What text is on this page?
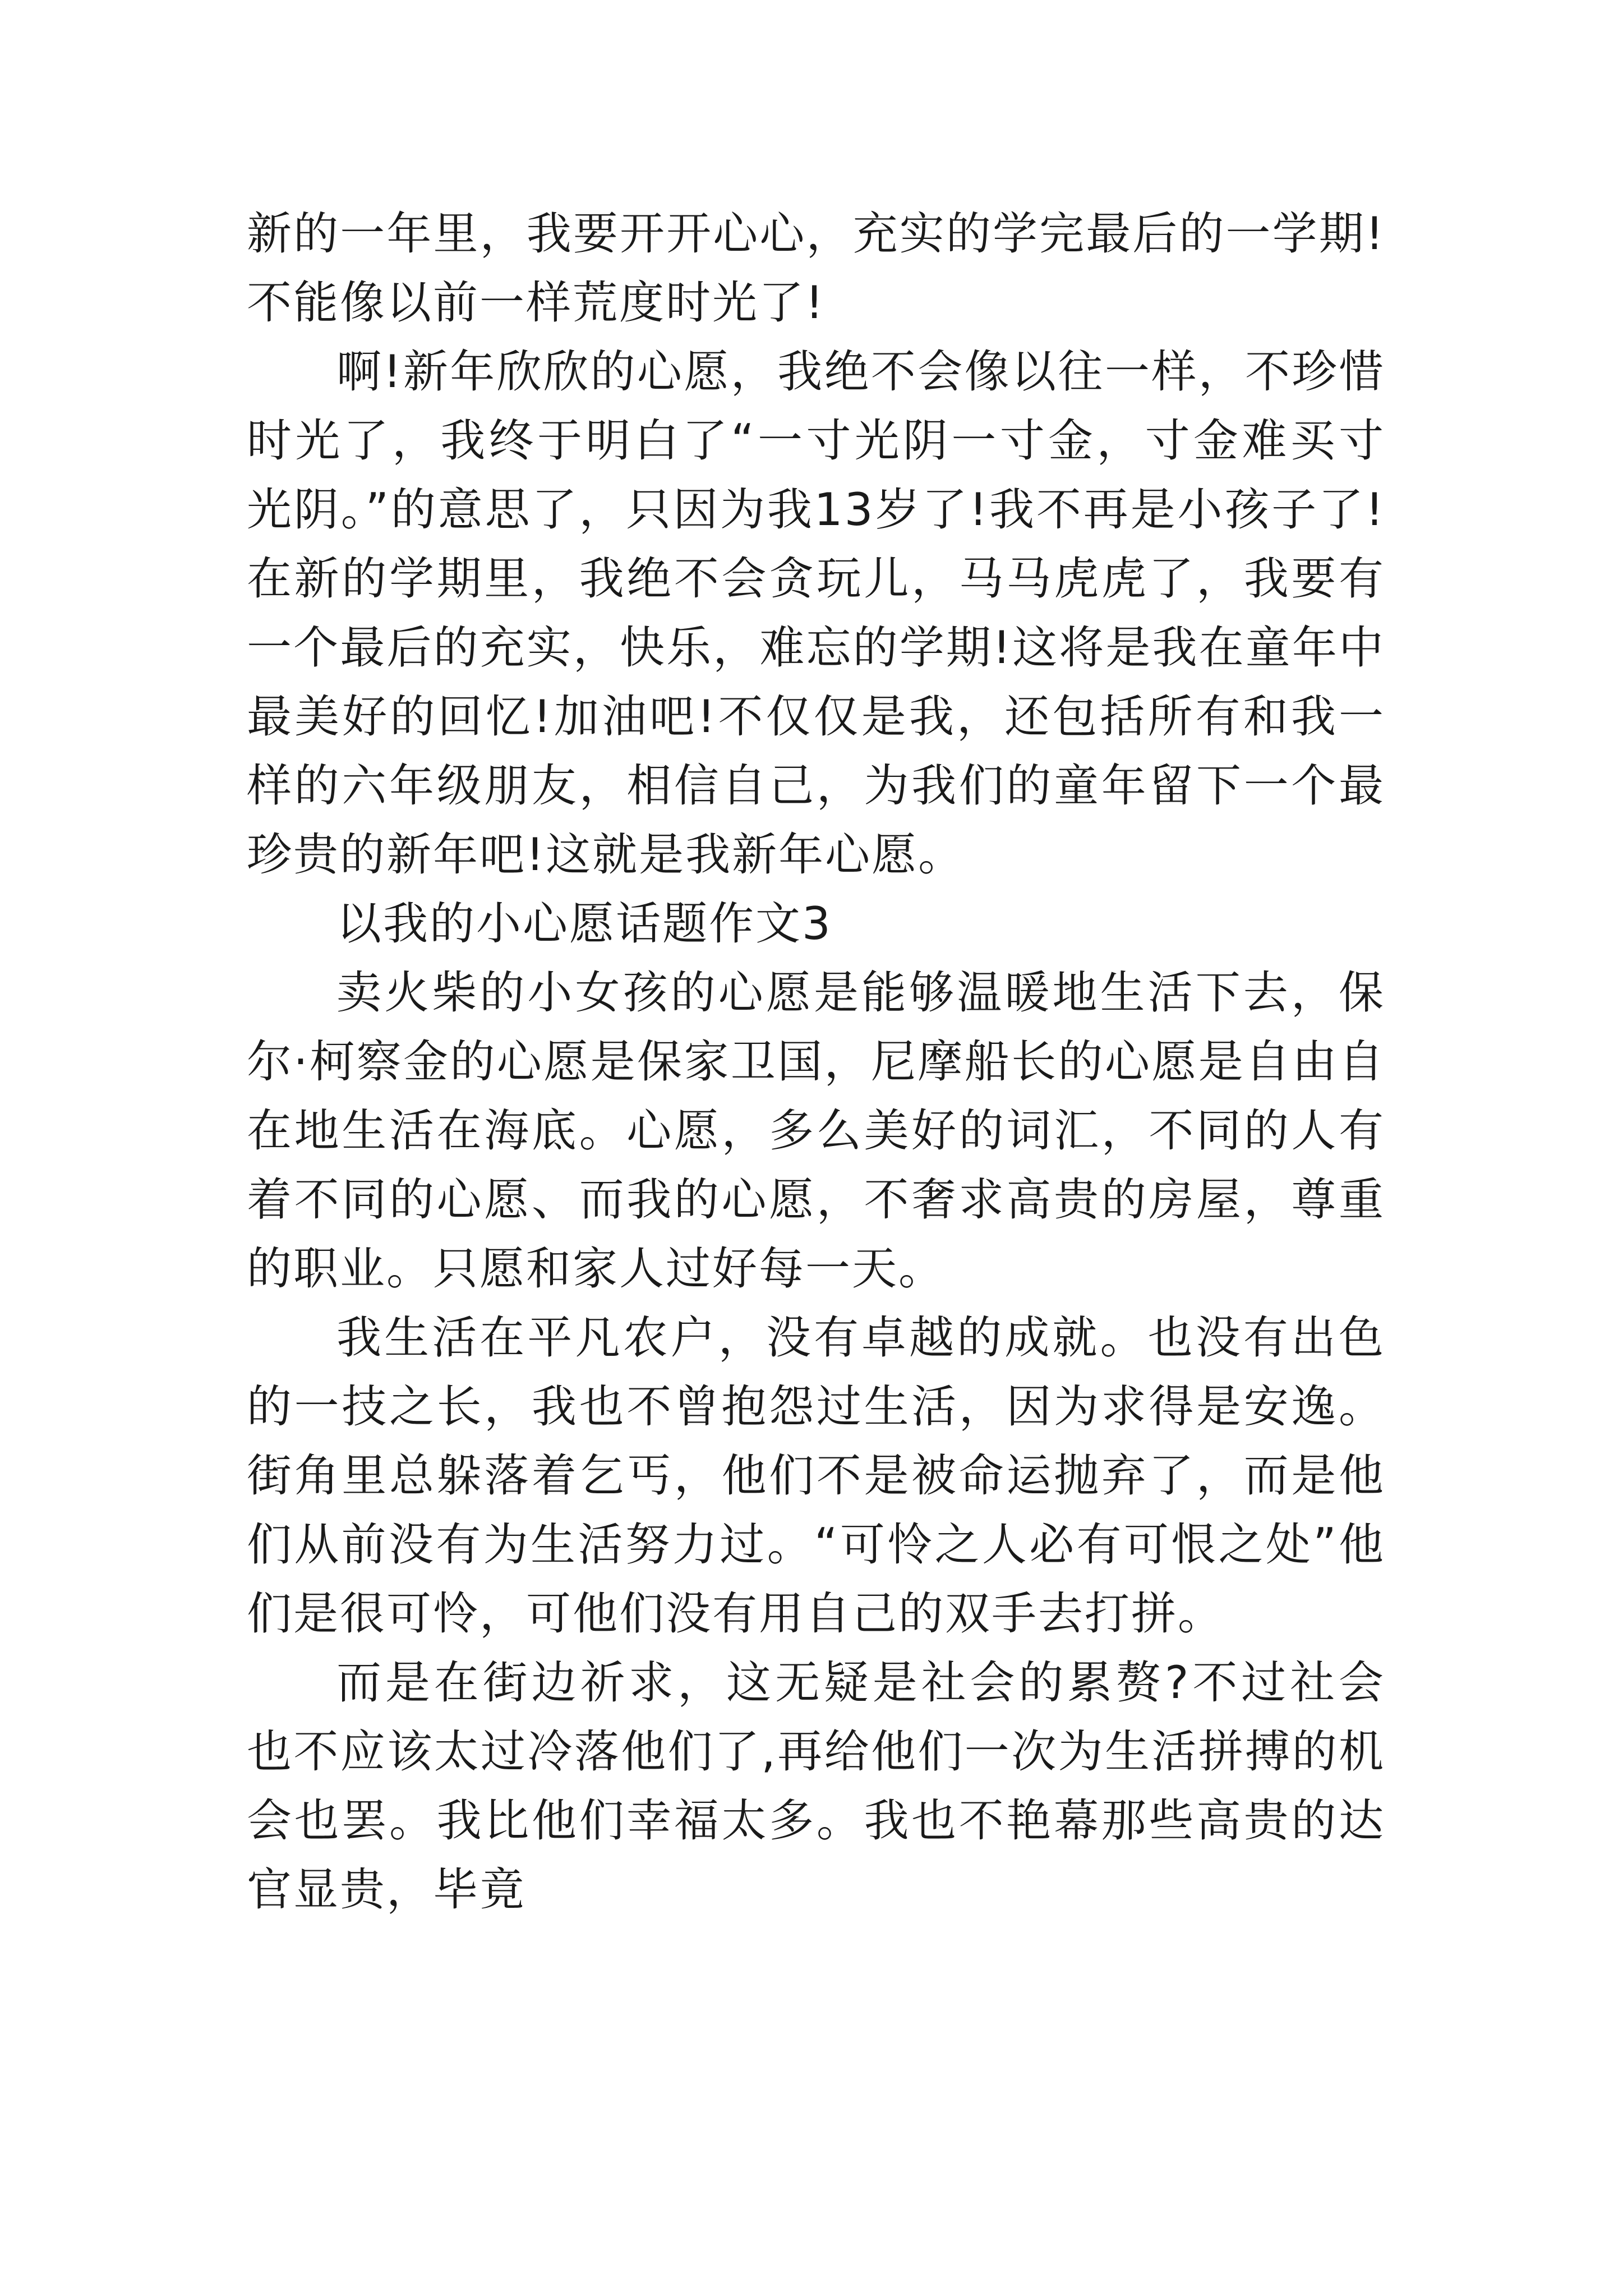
新的一年里，我要开开心心，充实的学完最后的一学期!不能像以前一样荒度时光了!

啊!新年欣欣的心愿，我绝不会像以往一样，不珍惜时光了，我终于明白了“一寸光阴一寸金，寸金难买寸光阴。”的意思了，只因为我13岁了!我不再是小孩子了!在新的学期里，我绝不会贪玩儿，马马虎虎了，我要有一个最后的充实，快乐，难忘的学期!这将是我在童年中最美好的回忆!加油吧!不仅仅是我，还包括所有和我一样的六年级朋友，相信自己，为我们的童年留下一个最珍贵的新年吧!这就是我新年心愿。

以我的小心愿话题作文3

卖火柴的小女孩的心愿是能够温暖地生活下去，保尔·柯察金的心愿是保家卫国，尼摩船长的心愿是自由自在地生活在海底。心愿，多么美好的词汇，不同的人有着不同的心愿、而我的心愿，不奢求高贵的房屋，尊重的职业。只愿和家人过好每一天。

我生活在平凡农户，没有卓越的成就。也没有出色的一技之长，我也不曾抱怨过生活，因为求得是安逸。街角里总躲落着乞丐，他们不是被命运抛弃了，而是他们从前没有为生活努力过。“可怜之人必有可恨之处”他们是很可怜，可他们没有用自己的双手去打拼。

而是在街边祈求，这无疑是社会的累赘?不过社会也不应该太过冷落他们了,再给他们一次为生活拼搏的机会也罢。我比他们幸福太多。我也不艳幕那些高贵的达官显贵，毕竟
